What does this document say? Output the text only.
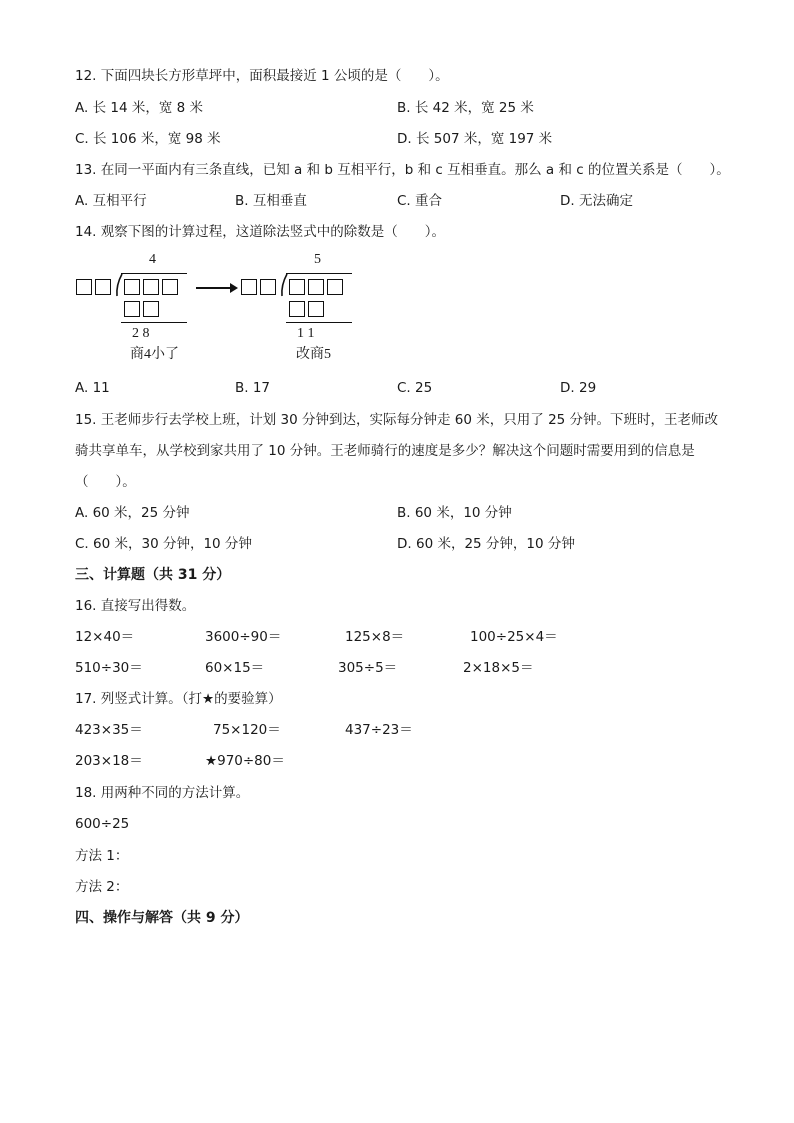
12. 下面四块长方形草坪中，面积最接近 1 公顷的是（　　）。
A. 长 14 米，宽 8 米	B. 长 42 米，宽 25 米
C. 长 106 米，宽 98 米	D. 长 507 米，宽 197 米
13. 在同一平面内有三条直线，已知 a 和 b 互相平行，b 和 c 互相垂直。那么 a 和 c 的位置关系是（　　）。
A. 互相平行	B. 互相垂直	C. 重合	D. 无法确定
14. 观察下图的计算过程，这道除法竖式中的除数是（　　）。
4
2 8
商4小了
5
1 1
改商5
A. 11	B. 17	C. 25	D. 29
15. 王老师步行去学校上班，计划 30 分钟到达，实际每分钟走 60 米，只用了 25 分钟。下班时，王老师改
骑共享单车，从学校到家共用了 10 分钟。王老师骑行的速度是多少？解决这个问题时需要用到的信息是
（　　）。
A. 60 米，25 分钟	B. 60 米，10 分钟
C. 60 米，30 分钟，10 分钟	D. 60 米，25 分钟，10 分钟
三、计算题（共 31 分）
16. 直接写出得数。
12×40＝	3600÷90＝	125×8＝	100÷25×4＝
510÷30＝	60×15＝	305÷5＝	2×18×5＝
17. 列竖式计算。（打★的要验算）
423×35＝	75×120＝	437÷23＝
203×18＝	★970÷80＝
18. 用两种不同的方法计算。
600÷25
方法 1：
方法 2：
四、操作与解答（共 9 分）
